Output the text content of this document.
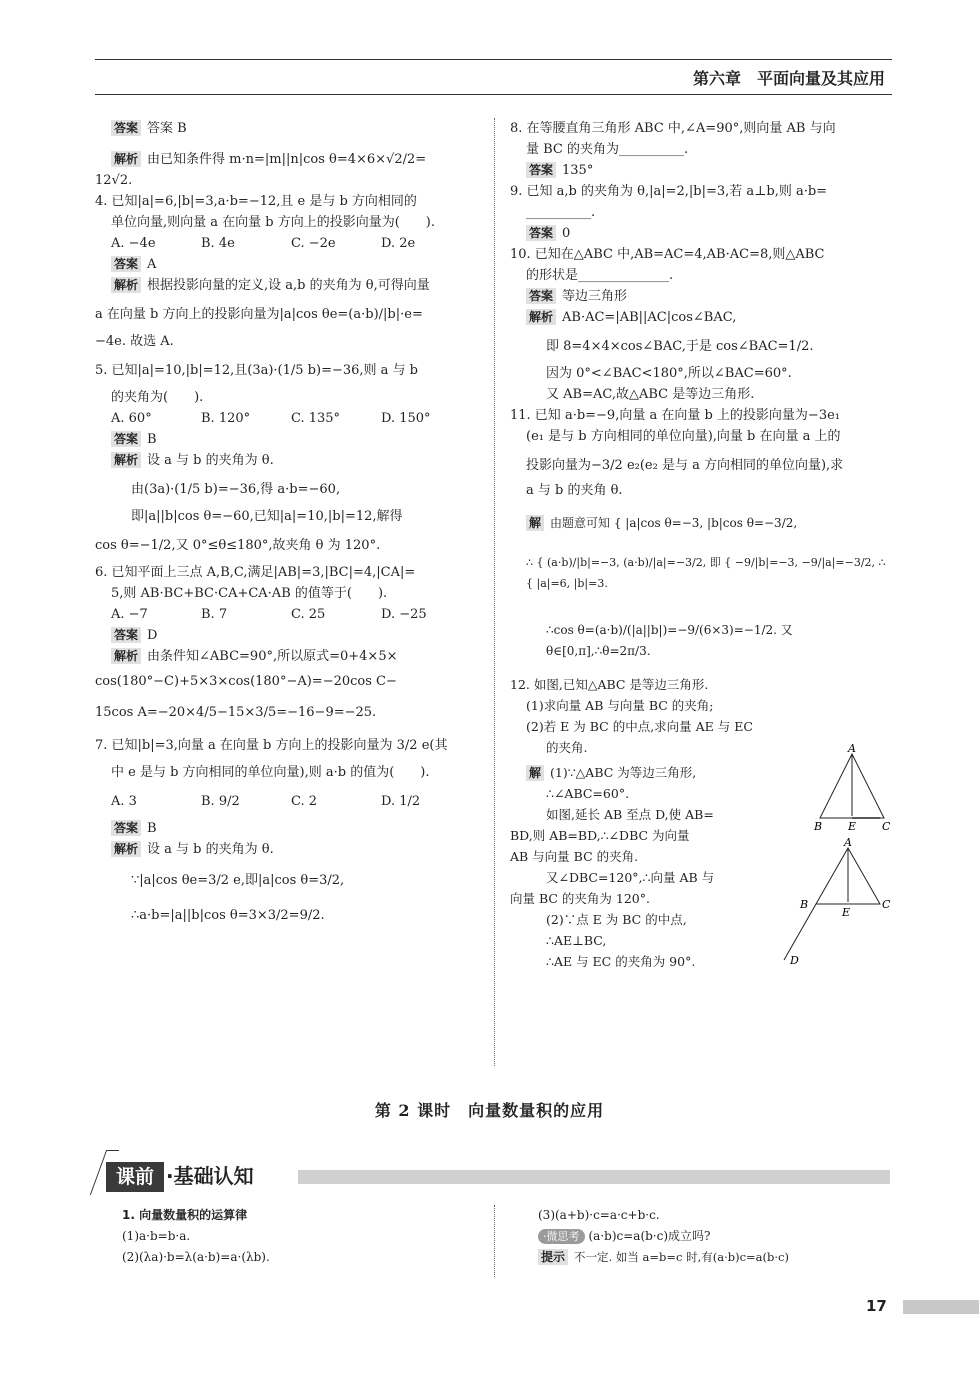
第六章　平面向量及其应用

答案 答案 B

解析 由已知条件得 m·n=|m||n|cos θ=4×6×√2/2=

12√2.

4. 已知|a|=6,|b|=3,a·b=−12,且 e 是与 b 方向相同的

单位向量,则向量 a 在向量 b 方向上的投影向量为(　　).

A. −4e	B. 4e	C. −2e	D. 2e

答案 A

解析 根据投影向量的定义,设 a,b 的夹角为 θ,可得向量

a 在向量 b 方向上的投影向量为|a|cos θe=(a·b)/|b|·e=

−4e. 故选 A.

5. 已知|a|=10,|b|=12,且(3a)·(1/5 b)=−36,则 a 与 b

的夹角为(　　).

A. 60°	B. 120°	C. 135°	D. 150°

答案 B

解析 设 a 与 b 的夹角为 θ.

由(3a)·(1/5 b)=−36,得 a·b=−60,

即|a||b|cos θ=−60,已知|a|=10,|b|=12,解得

cos θ=−1/2,又 0°≤θ≤180°,故夹角 θ 为 120°.

6. 已知平面上三点 A,B,C,满足|AB|=3,|BC|=4,|CA|=

5,则 AB·BC+BC·CA+CA·AB 的值等于(　　).

A. −7	B. 7	C. 25	D. −25

答案 D

解析 由条件知∠ABC=90°,所以原式=0+4×5×

cos(180°−C)+5×3×cos(180°−A)=−20cos C−

15cos A=−20×4/5−15×3/5=−16−9=−25.

7. 已知|b|=3,向量 a 在向量 b 方向上的投影向量为 3/2 e(其

中 e 是与 b 方向相同的单位向量),则 a·b 的值为(　　).

A. 3	B. 9/2	C. 2	D. 1/2

答案 B

解析 设 a 与 b 的夹角为 θ.

∵|a|cos θe=3/2 e,即|a|cos θ=3/2,

∴a·b=|a||b|cos θ=3×3/2=9/2.

8. 在等腰直角三角形 ABC 中,∠A=90°,则向量 AB 与向

量 BC 的夹角为__________.

答案 135°

9. 已知 a,b 的夹角为 θ,|a|=2,|b|=3,若 a⊥b,则 a·b=

__________.

答案 0

10. 已知在△ABC 中,AB=AC=4,AB·AC=8,则△ABC

的形状是______________.

答案 等边三角形

解析 AB·AC=|AB||AC|cos∠BAC,

即 8=4×4×cos∠BAC,于是 cos∠BAC=1/2.

因为 0°<∠BAC<180°,所以∠BAC=60°.

又 AB=AC,故△ABC 是等边三角形.

11. 已知 a·b=−9,向量 a 在向量 b 上的投影向量为−3e₁

(e₁ 是与 b 方向相同的单位向量),向量 b 在向量 a 上的

投影向量为−3/2 e₂(e₂ 是与 a 方向相同的单位向量),求

a 与 b 的夹角 θ.

解 由题意可知 { |a|cos θ=−3, |b|cos θ=−3/2,

∴ { (a·b)/|b|=−3, (a·b)/|a|=−3/2, 即 { −9/|b|=−3, −9/|a|=−3/2, ∴ { |a|=6, |b|=3.

∴cos θ=(a·b)/(|a||b|)=−9/(6×3)=−1/2. 又 θ∈[0,π],∴θ=2π/3.

12. 如图,已知△ABC 是等边三角形.

(1)求向量 AB 与向量 BC 的夹角;

(2)若 E 为 BC 的中点,求向量 AE 与 EC

的夹角.

解 (1)∵△ABC 为等边三角形,

∴∠ABC=60°.

如图,延长 AB 至点 D,使 AB=

BD,则 AB=BD,∴∠DBC 为向量

AB 与向量 BC 的夹角.

又∠DBC=120°,∴向量 AB 与

向量 BC 的夹角为 120°.

(2)∵点 E 为 BC 的中点,

∴AE⊥BC,

∴AE 与 EC 的夹角为 90°.

A
B E C
A
B
E
C
D
第 2 课时　向量数量积的应用
课前 ·基础认知

1. 向量数量积的运算律

(1)a·b=b·a.

(2)(λa)·b=λ(a·b)=a·(λb).

(3)(a+b)·c=a·c+b·c.

·微思考 (a·b)c=a(b·c)成立吗?

提示 不一定. 如当 a=b=c 时,有(a·b)c=a(b·c)

17
